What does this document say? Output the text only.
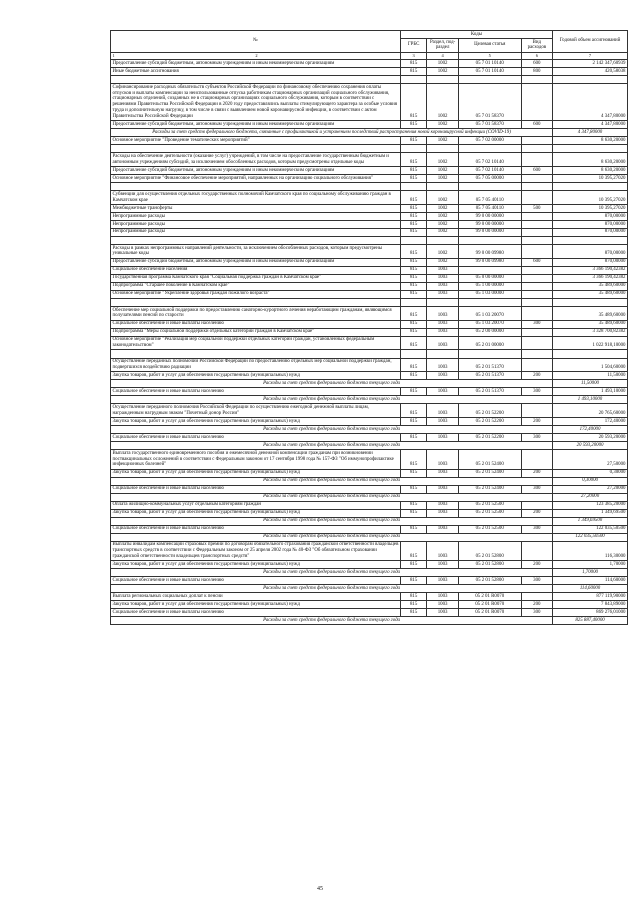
№	Коды				Годовой объем ассигнований
	ГРБС	Раздел, под-раздел	Целевая статья	Вид расходов	

1 2	3	4	5	6	7
Предоставление субсидий бюджетным, автономным учреждениям и иным некоммерческим организациям	815	1002	05 7 01 10140	600	2 142 347,60939
Иные бюджетные ассигнования	815	1002	05 7 01 10140	800	420,58038

Софинансирование расходных обязательств субъектов Российской Федерации по финансовому обеспечению сохранения оплаты отпусков и выплаты компенсации за неиспользованные отпуска работникам стационарных организаций социального обслуживания, стационарных отделений, созданных не в стационарных организациях социального обслуживания, которым в соответствии с решениями Правительства Российской Федерации в 2020 году предоставлялись выплаты стимулирующего характера за особые условия труда и дополнительную нагрузку, в том числе в связи с выявлением новой коронавирусной инфекции, в соответствии с актом Правительства Российской Федерации	815	1002	05 7 01 58370		4 347,80000
Предоставление субсидий бюджетным, автономным учреждениям и иным некоммерческим организациям	815	1002	05 7 01 58370	600	4 347,80000
Расходы за счет средств федерального бюджета, связанные с профилактикой и устранением последствий распространения новой коронавирусной инфекции (COVID-19)					4 347,80000
Основное мероприятие "Проведение тематических мероприятий"	815	1002	05 7 02 00000		8 630,20000

Расходы на обеспечение деятельности (оказание услуг) учреждений, в том числе на предоставление государственным бюджетным и автономным учреждениям субсидий, за исключением обособленных расходов, которым предусмотрены отдельные коды	815	1002	05 7 02 10140		8 630,20000
Предоставление субсидий бюджетным, автономным учреждениям и иным некоммерческим организациям	815	1002	05 7 02 10140	600	8 630,20000
Основное мероприятие "Финансовое обеспечение мероприятий, направленных на организацию социального обслуживания"	815	1002	05 7 05 00000		10 395,27020

Субвенции для осуществления отдельных государственных полномочий Камчатского края по социальному обслуживанию граждан в Камчатском крае	815	1002	05 7 05 40110		10 395,27020
Межбюджетные трансферты	815	1002	05 7 05 40110	500	10 395,27020
Непрограммные расходы	815	1002	99 0 00 00000		870,00000
Непрограммные расходы	815	1002	99 0 00 00000		870,00000
Непрограммные расходы	815	1002	99 0 00 00000		870,00000

Расходы в рамках непрограммных направлений деятельности, за исключением обособленных расходов, которым предусмотрены уникальные коды	815	1002	99 0 00 09980		870,00000
Предоставление субсидий бюджетным, автономным учреждениям и иным некоммерческим организациям	815	1002	99 0 00 09980	600	870,00000
Социальное обеспечение населения	815	1003			3 366 190,42382
Государственная программа Камчатского края "Социальная поддержка граждан в Камчатском крае"	815	1003	05 0 00 00000		3 366 190,42382
Подпрограмма "Старшее поколение в Камчатском крае"	815	1003	05 1 00 00000		35 489,60000
Основное мероприятие "Укрепление здоровья граждан пожилого возраста"	815	1003	05 1 03 00000		35 489,60000

Обеспечение мер социальной поддержки по предоставлению санаторно-курортного лечения неработающим гражданам, являющимся получателями пенсий по старости	815	1003	05 1 03 20070		35 489,60000
Социальное обеспечение и иные выплаты населению	815	1003	05 1 03 20070	300	35 489,60000
Подпрограмма "Меры социальной поддержки отдельных категорий граждан в Камчатском крае"	815	1003	05 2 00 00000		3 328 700,82382
Основное мероприятие "Реализация мер социальной поддержки отдельных категорий граждан, установленных федеральным законодательством"	815	1003	05 2 01 00000		1 022 918,10000

Осуществление переданных полномочий Российской Федерации по предоставлению отдельных мер социальной поддержки граждан, подвергшихся воздействию радиации	815	1003	05 2 01 51370		1 504,60000
Закупка товаров, работ и услуг для обеспечения государственных (муниципальных) нужд	815	1003	05 2 01 51370	200	11,50000
Расходы за счет средств федерального бюджета текущего года					11,50000
Социальное обеспечение и иные выплаты населению	815	1003	05 2 01 51370	300	1 493,10000
Расходы за счет средств федерального бюджета текущего года					1 493,10000
Осуществление переданного полномочия Российской Федерации по осуществлению ежегодной денежной выплаты лицам, награжденным нагрудным знаком "Почетный донор России"	815	1003	05 2 01 52200		20 765,60000
Закупка товаров, работ и услуг для обеспечения государственных (муниципальных) нужд	815	1003	05 2 01 52200	200	172,40000
Расходы за счет средств федерального бюджета текущего года					172,40000
Социальное обеспечение и иные выплаты населению	815	1003	05 2 01 52200	300	20 593,20000
Расходы за счет средств федерального бюджета текущего года					20 593,20000
Выплата государственного единовременного пособия и ежемесячной денежной компенсации гражданам при возникновении поствакцинальных осложнений в соответствии с Федеральным законом от 17 сентября 1998 года № 157-ФЗ "Об иммунопрофилактике инфекционных болезней"	815	1003	05 2 01 52400		27,50000
Закупка товаров, работ и услуг для обеспечения государственных (муниципальных) нужд	815	1003	05 2 01 52400	200	0,30000
Расходы за счет средств федерального бюджета текущего года					0,30000
Социальное обеспечение и иные выплаты населению	815	1003	05 2 01 52400	300	27,20000
Расходы за счет средств федерального бюджета текущего года					27,20000
Оплата жилищно-коммунальных услуг отдельным категориям граждан	815	1003	05 2 01 52500		123 385,20000
Закупка товаров, работ и услуг для обеспечения государственных (муниципальных) нужд	815	1003	05 2 01 52500	200	1 349,69500
Расходы за счет средств федерального бюджета текущего года					1 349,69500
Социальное обеспечение и иные выплаты населению	815	1003	05 2 01 52500	300	122 035,50500
Расходы за счет средств федерального бюджета текущего года					122 035,50500
Выплаты инвалидам компенсаций страховых премий по договорам обязательного страхования гражданской ответственности владельцев транспортных средств в соответствии с Федеральным законом от 25 апреля 2002 года № 40-ФЗ "Об обязательном страховании гражданской ответственности владельцев транспортных средств"	815	1003	05 2 01 52800		116,30000
Закупка товаров, работ и услуг для обеспечения государственных (муниципальных) нужд	815	1003	05 2 01 52800	200	1,70000
Расходы за счет средств федерального бюджета текущего года					1,70000
Социальное обеспечение и иные выплаты населению	815	1003	05 2 01 52800	300	114,60000
Расходы за счет средств федерального бюджета текущего года					114,60000
Выплата региональных социальных доплат к пенсии	815	1003	05 2 01 R0070		877 119,90000
Закупка товаров, работ и услуг для обеспечения государственных (муниципальных) нужд	815	1003	05 2 01 R0070	200	7 843,89000
Социальное обеспечение и иные выплаты населению	815	1003	05 2 01 R0070	300	869 276,01000
Расходы за счет средств федерального бюджета текущего года					825 887,40000
45
